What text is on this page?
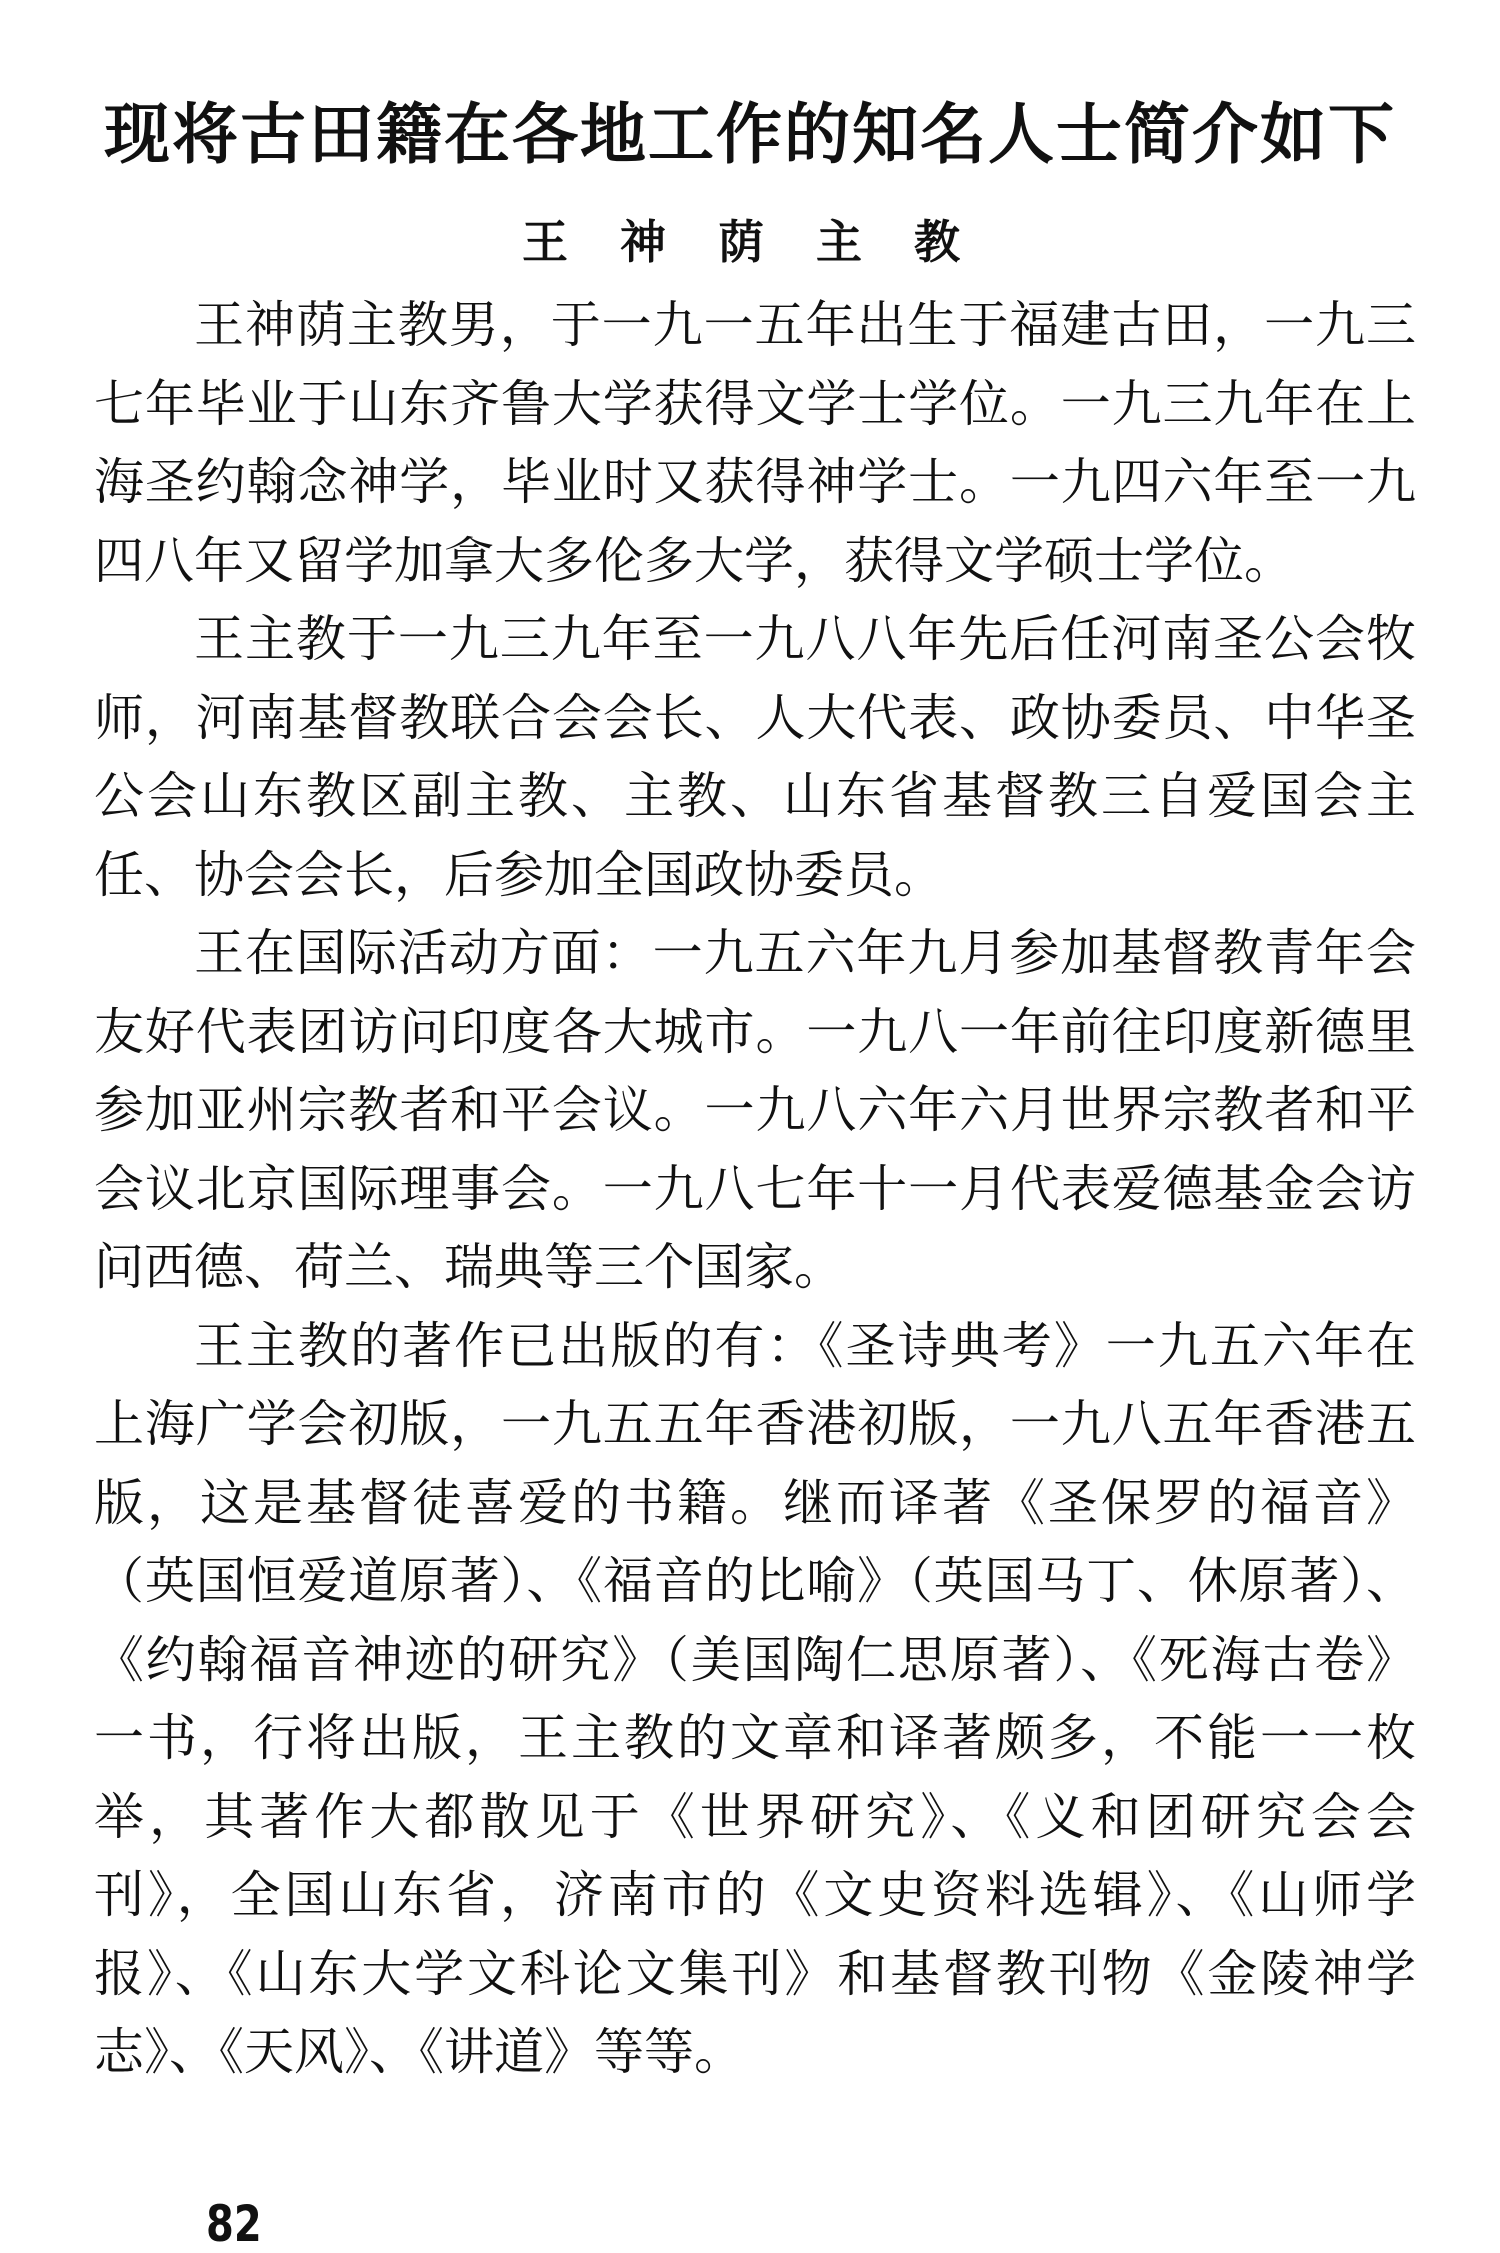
现将古田籍在各地工作的知名人士简介如下
王 神 荫 主 教

王神荫主教男，于一九一五年出生于福建古田，一九三七年毕业于山东齐鲁大学获得文学士学位。一九三九年在上海圣约翰念神学，毕业时又获得神学士。一九四六年至一九四八年又留学加拿大多伦多大学，获得文学硕士学位。

王主教于一九三九年至一九八八年先后任河南圣公会牧师，河南基督教联合会会长、人大代表、政协委员、中华圣公会山东教区副主教、主教、山东省基督教三自爱国会主任、协会会长，后参加全国政协委员。

王在国际活动方面：一九五六年九月参加基督教青年会友好代表团访问印度各大城市。一九八一年前往印度新德里参加亚州宗教者和平会议。一九八六年六月世界宗教者和平会议北京国际理事会。一九八七年十一月代表爱德基金会访问西德、荷兰、瑞典等三个国家。

王主教的著作已出版的有：《圣诗典考》一九五六年在上海广学会初版，一九五五年香港初版，一九八五年香港五版，这是基督徒喜爱的书籍。继而译著《圣保罗的福音》（英国恒爱道原著）、《福音的比喻》（英国马丁、休原著）、《约翰福音神迹的研究》（美国陶仁思原著）、《死海古卷》一书，行将出版，王主教的文章和译著颇多，不能一一枚举，其著作大都散见于《世界研究》、《义和团研究会会刊》，全国山东省，济南市的《文史资料选辑》、《山师学报》、《山东大学文科论文集刊》和基督教刊物《金陵神学志》、《天风》、《讲道》等等。

82
